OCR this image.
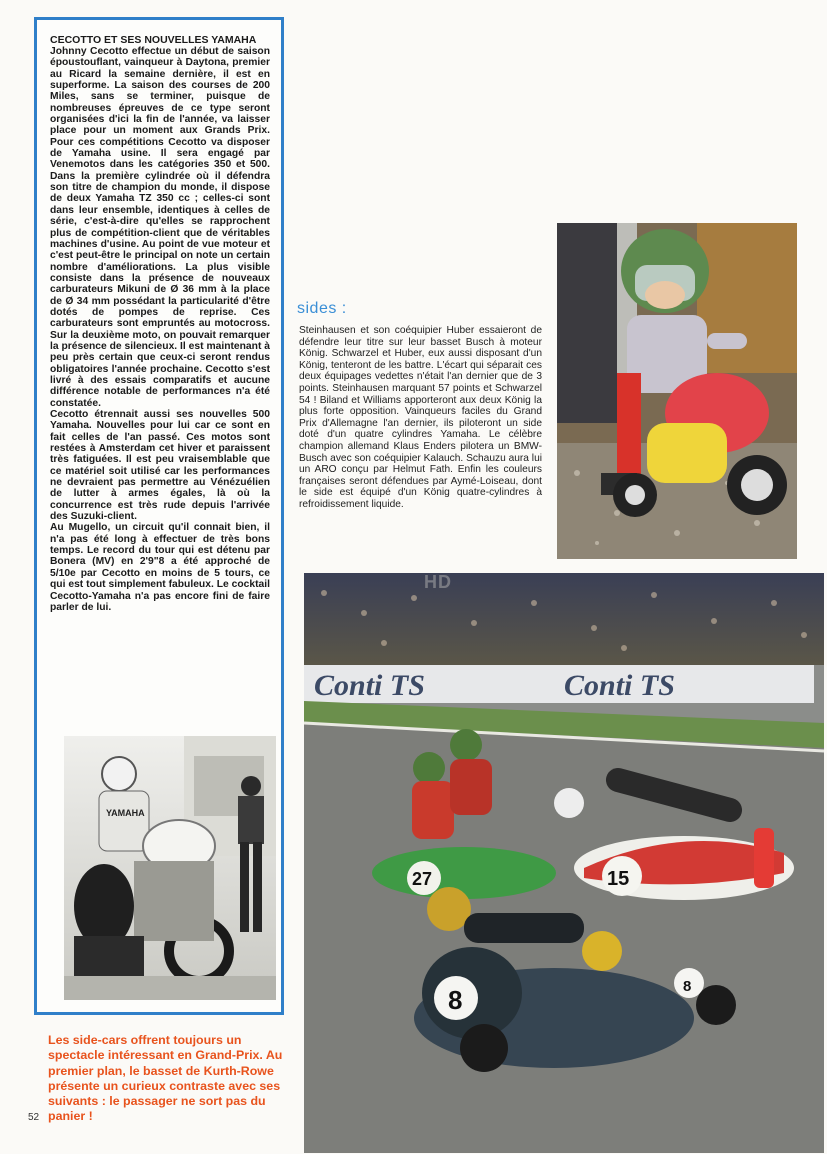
CECOTTO ET SES NOUVELLES YAMAHA

Johnny Cecotto effectue un début de saison époustouflant, vainqueur à Daytona, premier au Ricard la semaine dernière, il est en superforme. La saison des courses de 200 Miles, sans se terminer, puisque de nombreuses épreuves de ce type seront organisées d'ici la fin de l'année, va laisser place pour un moment aux Grands Prix. Pour ces compétitions Cecotto va disposer de Yamaha usine. Il sera engagé par Venemotos dans les catégories 350 et 500. Dans la première cylindrée où il défendra son titre de champion du monde, il dispose de deux Yamaha TZ 350 cc ; celles-ci sont dans leur ensemble, identiques à celles de série, c'est-à-dire qu'elles se rapprochent plus de compétition-client que de véritables machines d'usine. Au point de vue moteur et c'est peut-être le principal on note un certain nombre d'améliorations. La plus visible consiste dans la présence de nouveaux carburateurs Mikuni de Ø 36 mm à la place de Ø 34 mm possédant la particularité d'être dotés de pompes de reprise. Ces carburateurs sont empruntés au motocross. Sur la deuxième moto, on pouvait remarquer la présence de silencieux. Il est maintenant à peu près certain que ceux-ci seront rendus obligatoires l'année prochaine. Cecotto s'est livré à des essais comparatifs et aucune différence notable de performances n'a été constatée.

Cecotto étrennait aussi ses nouvelles 500 Yamaha. Nouvelles pour lui car ce sont en fait celles de l'an passé. Ces motos sont restées à Amsterdam cet hiver et paraissent très fatiguées. Il est peu vraisemblable que ce matériel soit utilisé car les performances ne devraient pas permettre au Vénézuélien de lutter à armes égales, là où la concurrence est très rude depuis l'arrivée des Suzuki-client.

Au Mugello, un circuit qu'il connait bien, il n'a pas été long à effectuer de très bons temps. Le record du tour qui est détenu par Bonera (MV) en 2'9"8 a été approché de 5/10e par Cecotto en moins de 5 tours, ce qui est tout simplement fabuleux. Le cocktail Cecotto-Yamaha n'a pas encore fini de faire parler de lui.

YAMAHA
sides :
Steinhausen et son coéquipier Huber essaieront de défendre leur titre sur leur basset Busch à moteur König. Schwarzel et Huber, eux aussi disposant d'un König, tenteront de les battre. L'écart qui séparait ces deux équipages vedettes n'était l'an dernier que de 3 points. Steinhausen marquant 57 points et Schwarzel 54 ! Biland et Williams apporteront aux deux König la plus forte opposition. Vainqueurs faciles du Grand Prix d'Allemagne l'an dernier, ils piloteront un side doté d'un quatre cylindres Yamaha. Le célèbre champion allemand Klaus Enders pilotera un BMW-Busch avec son coéquipier Kalauch. Schauzu aura lui un ARO conçu par Helmut Fath. Enfin les couleurs françaises seront défendues par Aymé-Loiseau, dont le side est équipé d'un König quatre-cylindres à refroidissement liquide.
Conti TS	Conti TS
27	15
8	8
HD

Les side-cars offrent toujours un spectacle intéressant en Grand-Prix. Au premier plan, le basset de Kurth-Rowe présente un curieux contraste avec ses suivants : le passager ne sort pas du panier !

52
